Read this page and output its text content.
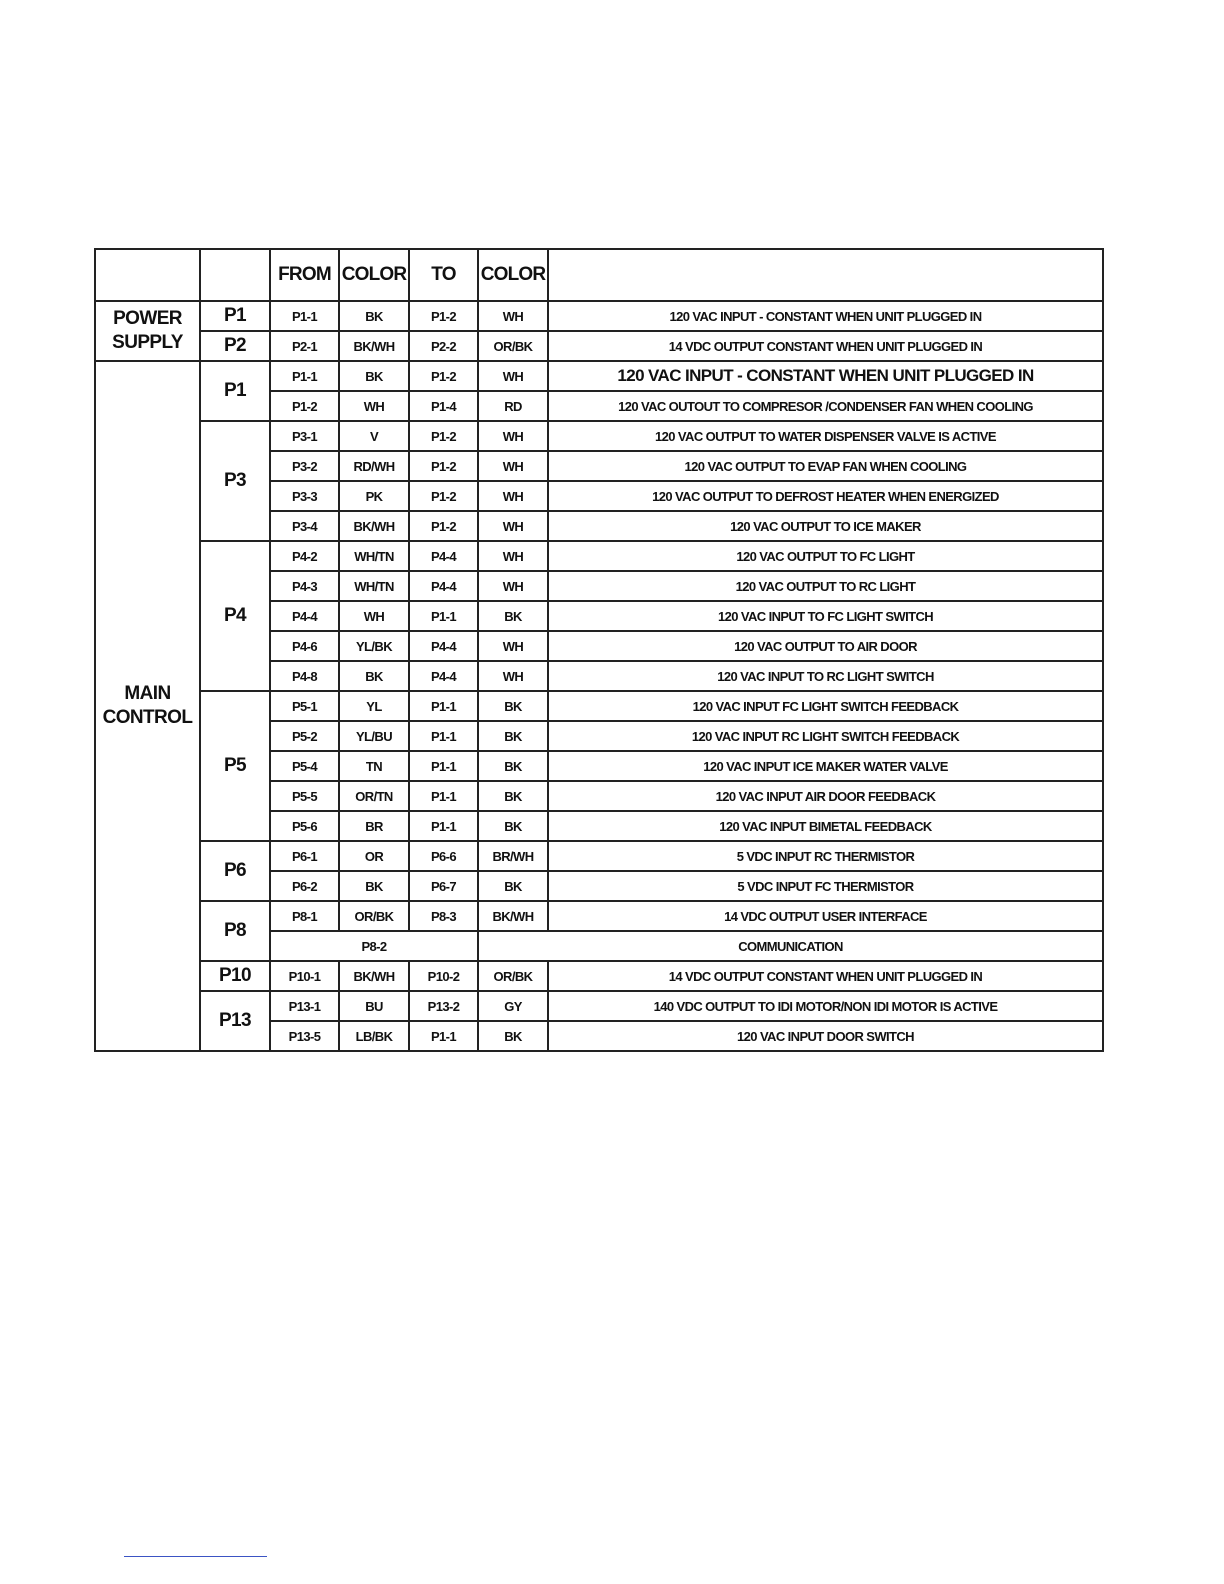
		FROM	COLOR	TO	COLOR	
POWER SUPPLY	P1	P1-1	BK	P1-2	WH	120 VAC INPUT - CONSTANT WHEN UNIT PLUGGED IN
	P2	P2-1	BK/WH	P2-2	OR/BK	14 VDC OUTPUT CONSTANT WHEN UNIT PLUGGED IN
MAIN CONTROL	P1	P1-1	BK	P1-2	WH	120 VAC INPUT - CONSTANT WHEN UNIT PLUGGED IN
		P1-2	WH	P1-4	RD	120 VAC OUTOUT TO COMPRESOR /CONDENSER FAN WHEN COOLING
	P3	P3-1	V	P1-2	WH	120 VAC OUTPUT TO WATER DISPENSER VALVE IS ACTIVE
		P3-2	RD/WH	P1-2	WH	120 VAC OUTPUT TO EVAP FAN WHEN COOLING
		P3-3	PK	P1-2	WH	120 VAC OUTPUT TO DEFROST HEATER WHEN ENERGIZED
		P3-4	BK/WH	P1-2	WH	120 VAC OUTPUT TO ICE MAKER
	P4	P4-2	WH/TN	P4-4	WH	120 VAC OUTPUT TO FC LIGHT
		P4-3	WH/TN	P4-4	WH	120 VAC OUTPUT TO RC LIGHT
		P4-4	WH	P1-1	BK	120 VAC INPUT TO FC LIGHT SWITCH
		P4-6	YL/BK	P4-4	WH	120 VAC OUTPUT TO AIR DOOR
		P4-8	BK	P4-4	WH	120 VAC INPUT TO RC LIGHT SWITCH
	P5	P5-1	YL	P1-1	BK	120 VAC INPUT FC LIGHT SWITCH FEEDBACK
		P5-2	YL/BU	P1-1	BK	120 VAC INPUT RC LIGHT SWITCH FEEDBACK
		P5-4	TN	P1-1	BK	120 VAC INPUT ICE MAKER WATER VALVE
		P5-5	OR/TN	P1-1	BK	120 VAC INPUT AIR DOOR FEEDBACK
		P5-6	BR	P1-1	BK	120 VAC INPUT BIMETAL FEEDBACK
	P6	P6-1	OR	P6-6	BR/WH	5 VDC INPUT RC THERMISTOR
		P6-2	BK	P6-7	BK	5 VDC INPUT FC THERMISTOR
	P8	P8-1	OR/BK	P8-3	BK/WH	14 VDC OUTPUT USER INTERFACE
		P8-2			COMMUNICATION	
	P10	P10-1	BK/WH	P10-2	OR/BK	14 VDC OUTPUT CONSTANT WHEN UNIT PLUGGED IN
	P13	P13-1	BU	P13-2	GY	140 VDC OUTPUT TO IDI MOTOR/NON IDI MOTOR IS ACTIVE
		P13-5	LB/BK	P1-1	BK	120 VAC INPUT DOOR SWITCH
